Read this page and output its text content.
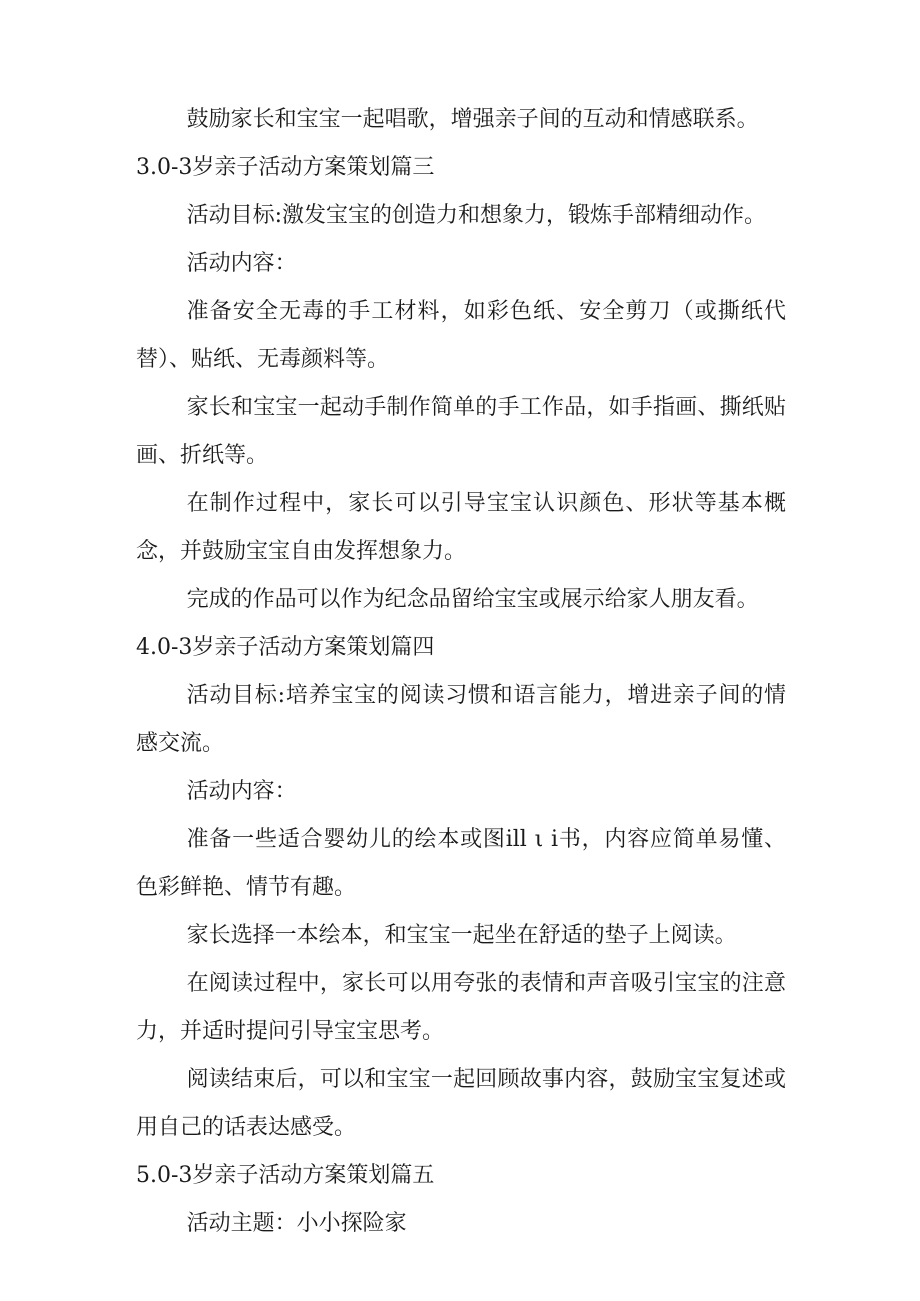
鼓励家长和宝宝一起唱歌，增强亲子间的互动和情感联系。

3.0-3岁亲子活动方案策划篇三

活动目标:激发宝宝的创造力和想象力，锻炼手部精细动作。

活动内容：

准备安全无毒的手工材料，如彩色纸、安全剪刀（或撕纸代替）、贴纸、无毒颜料等。

家长和宝宝一起动手制作简单的手工作品，如手指画、撕纸贴画、折纸等。

在制作过程中，家长可以引导宝宝认识颜色、形状等基本概念，并鼓励宝宝自由发挥想象力。

完成的作品可以作为纪念品留给宝宝或展示给家人朋友看。

4.0-3岁亲子活动方案策划篇四

活动目标:培养宝宝的阅读习惯和语言能力，增进亲子间的情感交流。

活动内容：

准备一些适合婴幼儿的绘本或图ill ι i书，内容应简单易懂、色彩鲜艳、情节有趣。

家长选择一本绘本，和宝宝一起坐在舒适的垫子上阅读。

在阅读过程中，家长可以用夸张的表情和声音吸引宝宝的注意力，并适时提问引导宝宝思考。

阅读结束后，可以和宝宝一起回顾故事内容，鼓励宝宝复述或用自己的话表达感受。

5.0-3岁亲子活动方案策划篇五

活动主题：小小探险家
